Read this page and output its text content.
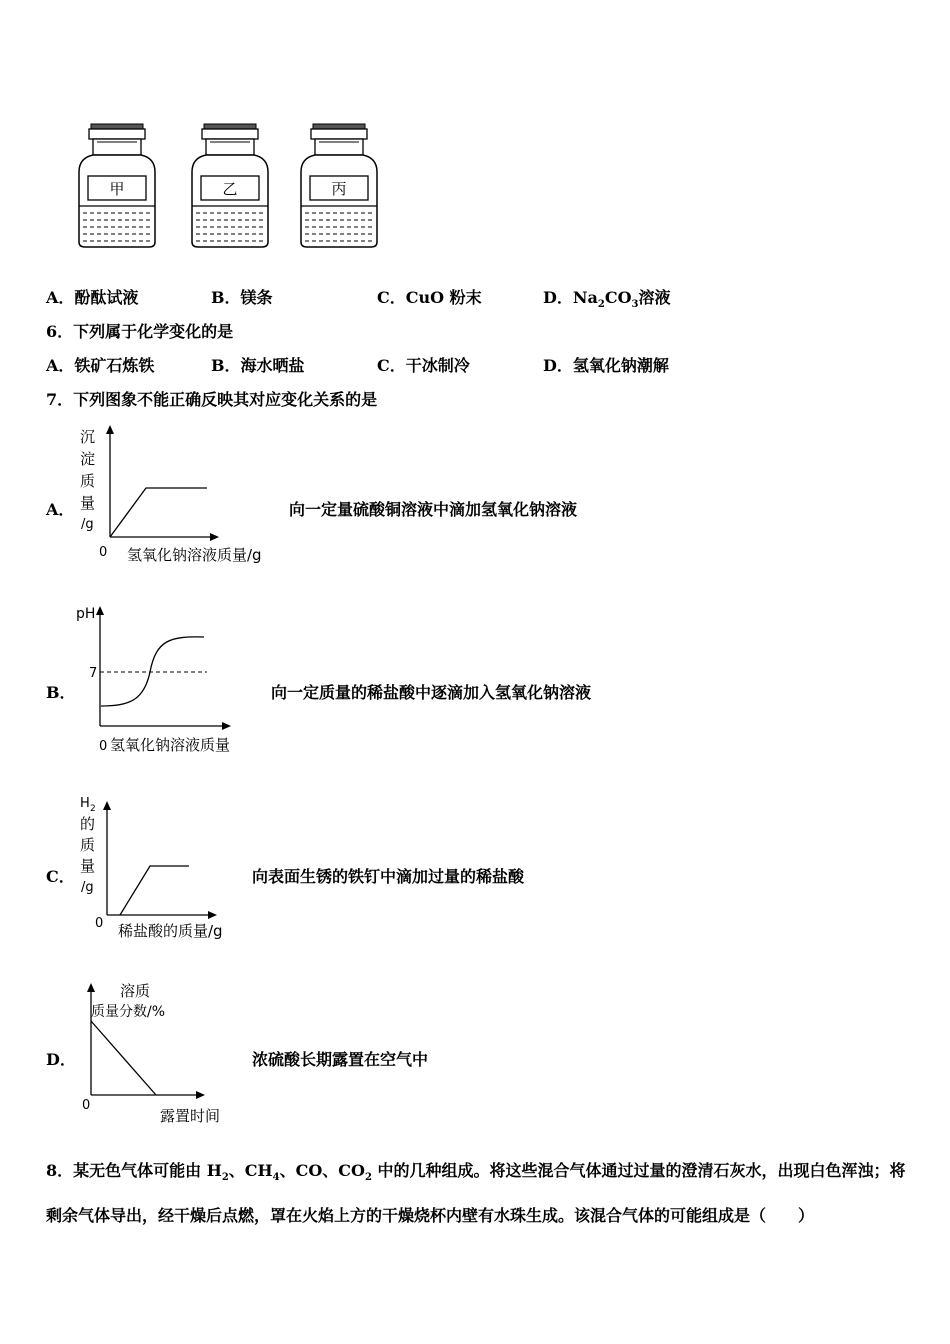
甲	乙	丙
A．酚酞试液	B．镁条	C．CuO 粉末	D．$Na_2CO_3$溶液
6．下列属于化学变化的是
A．铁矿石炼铁	B．海水晒盐	C．干冰制冷	D．氢氧化钠潮解
7．下列图象不能正确反映其对应变化关系的是
A．
沉
淀
质
量
/g
0 氢氧化钠溶液质量/g
向一定量硫酸铜溶液中滴加氢氧化钠溶液
B．
pH
7
0 氢氧化钠溶液质量
向一定质量的稀盐酸中逐滴加入氢氧化钠溶液
C．
H 2
的
质
量
/g
0 稀盐酸的质量/g
向表面生锈的铁钉中滴加过量的稀盐酸
D．
溶质
质量分数/%
0
露置时间
浓硫酸长期露置在空气中
8．某无色气体可能由 $H_2$、$CH_4$、CO、$CO_2$ 中的几种组成。将这些混合气体通过过量的澄清石灰水，出现白色浑浊；将剩余气体导出，经干燥后点燃，罩在火焰上方的干燥烧杯内壁有水珠生成。该混合气体的可能组成是（　　）
